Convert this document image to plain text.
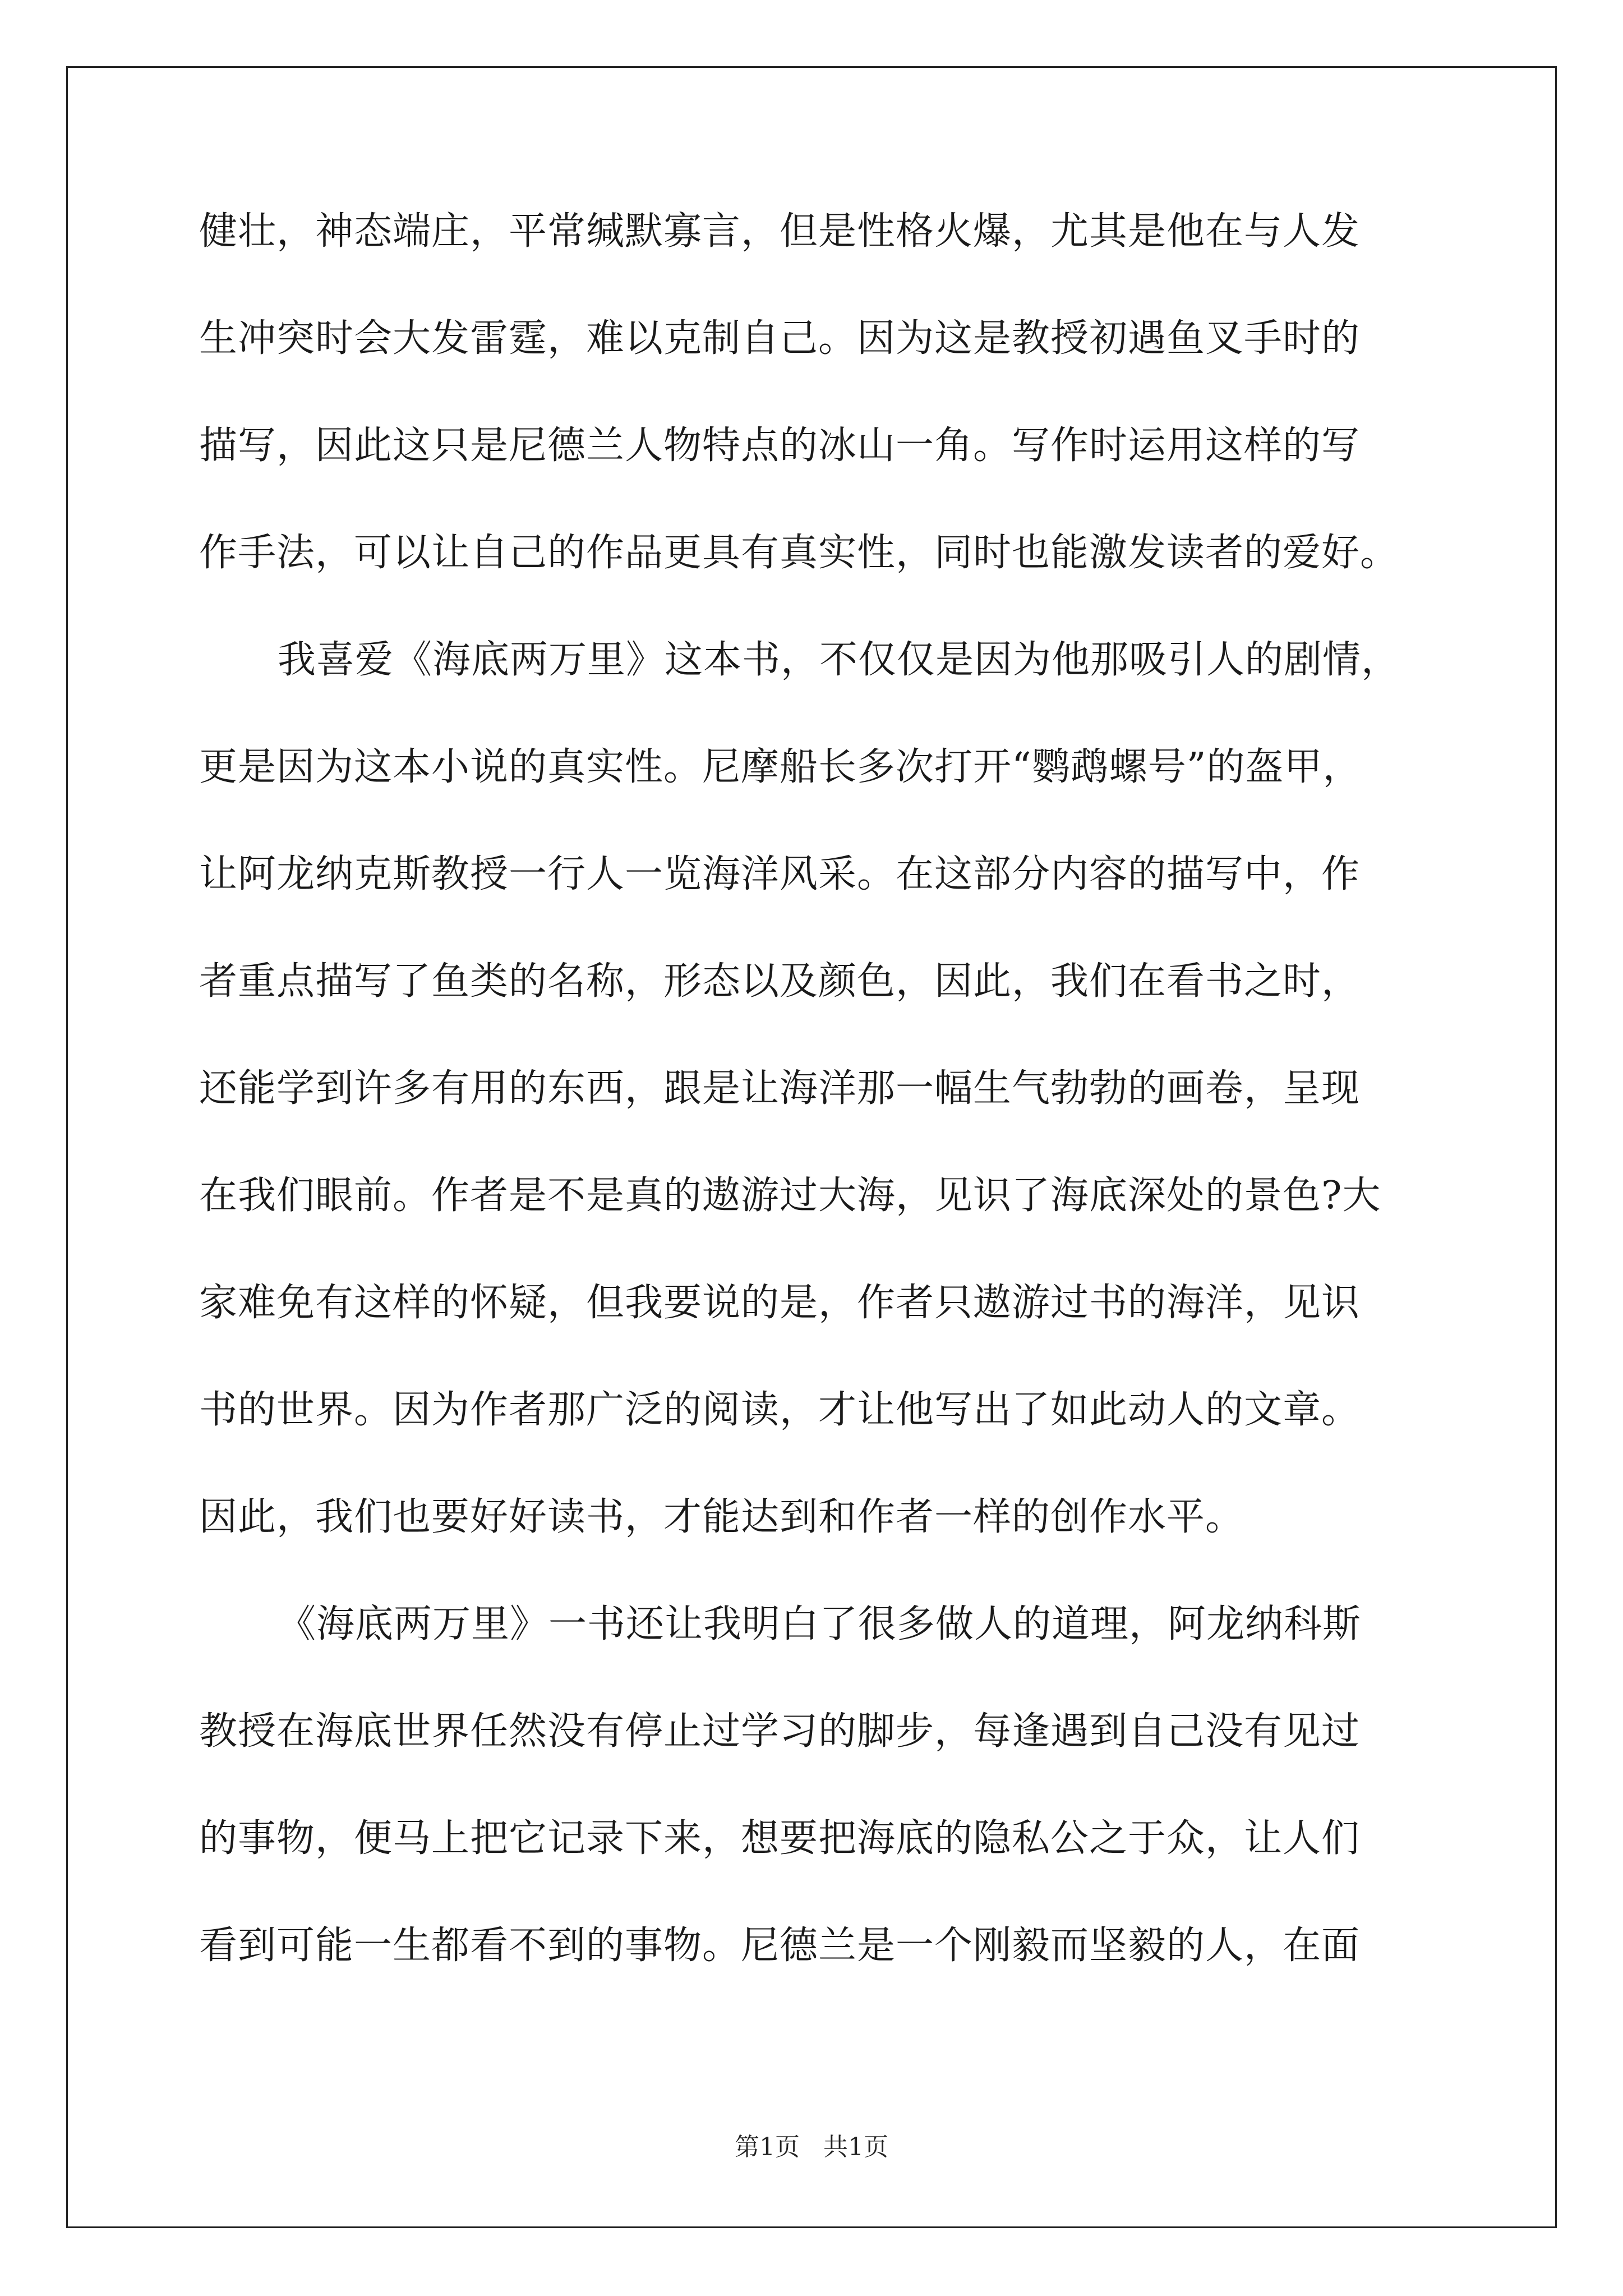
健壮，神态端庄，平常缄默寡言，但是性格火爆，尤其是他在与人发
生冲突时会大发雷霆，难以克制自己。因为这是教授初遇鱼叉手时的
描写，因此这只是尼德兰人物特点的冰山一角。写作时运用这样的写
作手法，可以让自己的作品更具有真实性，同时也能激发读者的爱好。
我喜爱《海底两万里》这本书，不仅仅是因为他那吸引人的剧情，
更是因为这本小说的真实性。尼摩船长多次打开“鹦鹉螺号”的盔甲，
让阿龙纳克斯教授一行人一览海洋风采。在这部分内容的描写中，作
者重点描写了鱼类的名称，形态以及颜色，因此，我们在看书之时，
还能学到许多有用的东西，跟是让海洋那一幅生气勃勃的画卷，呈现
在我们眼前。作者是不是真的遨游过大海，见识了海底深处的景色?大
家难免有这样的怀疑，但我要说的是，作者只遨游过书的海洋，见识
书的世界。因为作者那广泛的阅读，才让他写出了如此动人的文章。
因此，我们也要好好读书，才能达到和作者一样的创作水平。
《海底两万里》一书还让我明白了很多做人的道理，阿龙纳科斯
教授在海底世界任然没有停止过学习的脚步，每逢遇到自己没有见过
的事物，便马上把它记录下来，想要把海底的隐私公之于众，让人们
看到可能一生都看不到的事物。尼德兰是一个刚毅而坚毅的人，在面
第1页   共1页
